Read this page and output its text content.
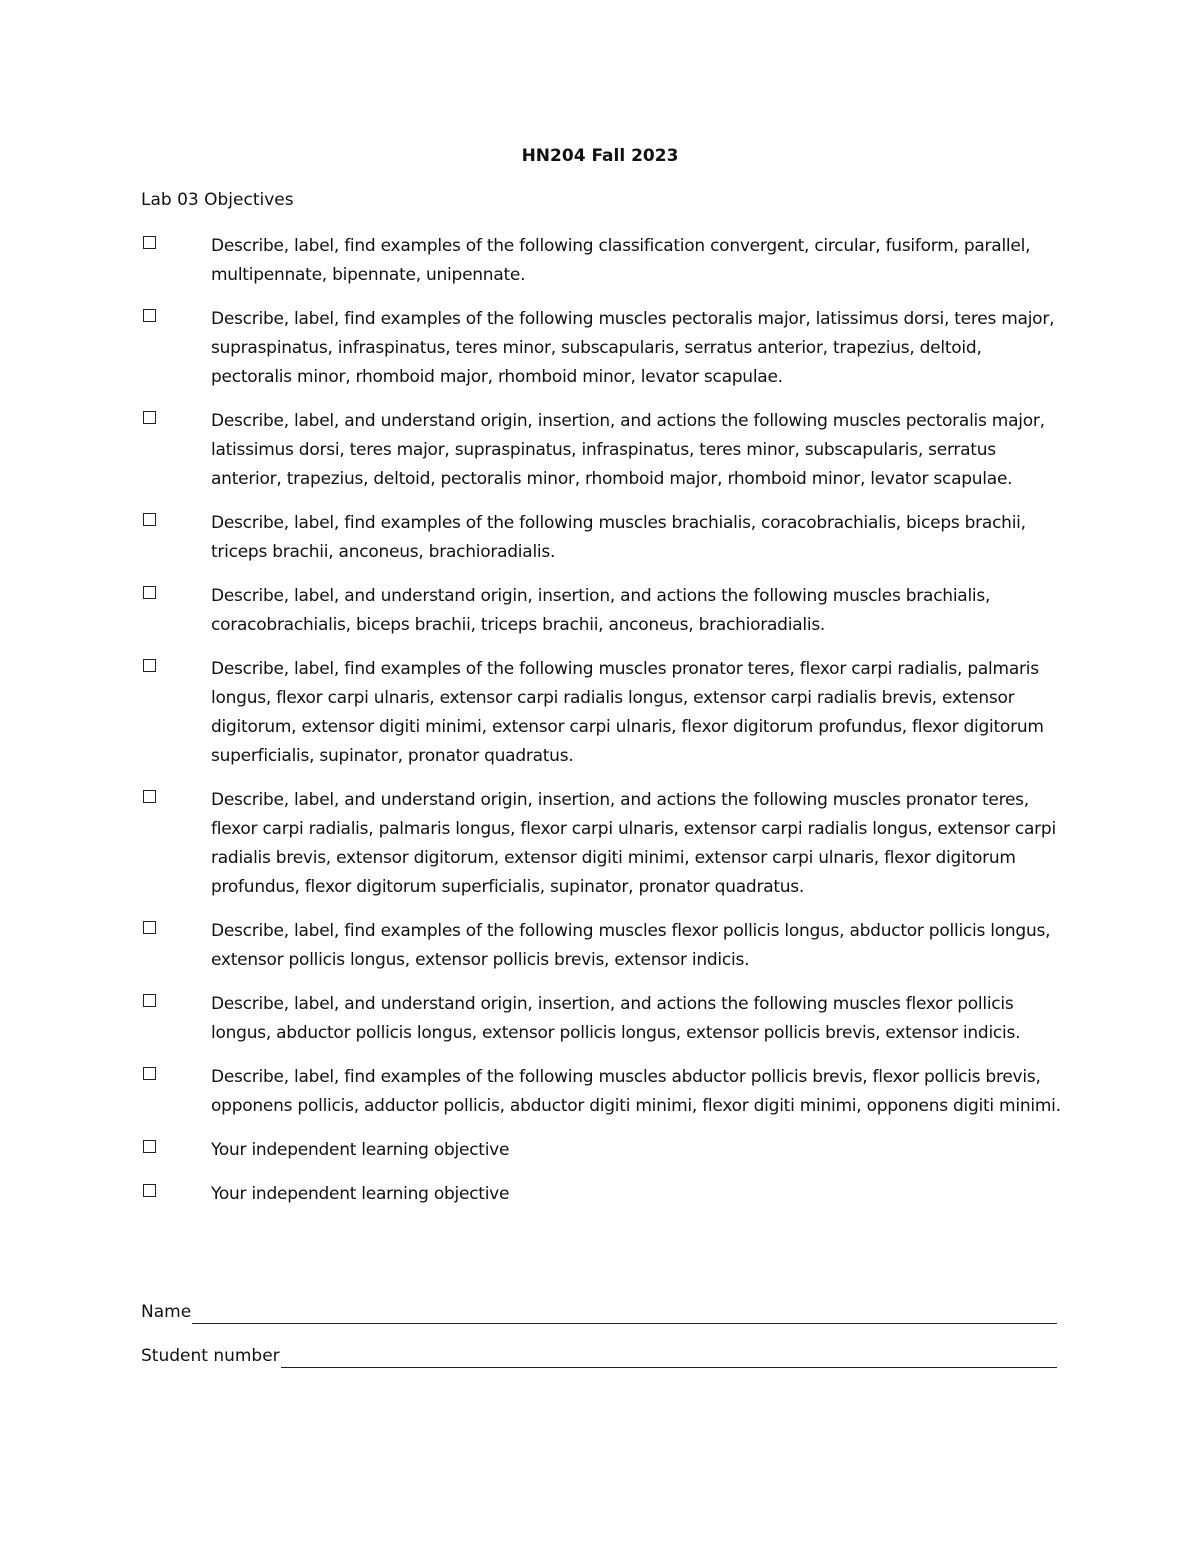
HN204 Fall 2023
Lab 03 Objectives
Describe, label, find examples of the following classification convergent, circular, fusiform, parallel, multipennate, bipennate, unipennate.
Describe, label, find examples of the following muscles pectoralis major, latissimus dorsi, teres major, supraspinatus, infraspinatus, teres minor, subscapularis, serratus anterior, trapezius, deltoid, pectoralis minor, rhomboid major, rhomboid minor, levator scapulae.
Describe, label, and understand origin, insertion, and actions the following muscles pectoralis major, latissimus dorsi, teres major, supraspinatus, infraspinatus, teres minor, subscapularis, serratus anterior, trapezius, deltoid, pectoralis minor, rhomboid major, rhomboid minor, levator scapulae.
Describe, label, find examples of the following muscles brachialis, coracobrachialis, biceps brachii, triceps brachii, anconeus, brachioradialis.
Describe, label, and understand origin, insertion, and actions the following muscles brachialis, coracobrachialis, biceps brachii, triceps brachii, anconeus, brachioradialis.
Describe, label, find examples of the following muscles pronator teres, flexor carpi radialis, palmaris longus, flexor carpi ulnaris, extensor carpi radialis longus, extensor carpi radialis brevis, extensor digitorum, extensor digiti minimi, extensor carpi ulnaris, flexor digitorum profundus, flexor digitorum superficialis, supinator, pronator quadratus.
Describe, label, and understand origin, insertion, and actions the following muscles pronator teres, flexor carpi radialis, palmaris longus, flexor carpi ulnaris, extensor carpi radialis longus, extensor carpi radialis brevis, extensor digitorum, extensor digiti minimi, extensor carpi ulnaris, flexor digitorum profundus, flexor digitorum superficialis, supinator, pronator quadratus.
Describe, label, find examples of the following muscles flexor pollicis longus, abductor pollicis longus, extensor pollicis longus, extensor pollicis brevis, extensor indicis.
Describe, label, and understand origin, insertion, and actions the following muscles flexor pollicis longus, abductor pollicis longus, extensor pollicis longus, extensor pollicis brevis, extensor indicis.
Describe, label, find examples of the following muscles abductor pollicis brevis, flexor pollicis brevis, opponens pollicis, adductor pollicis, abductor digiti minimi, flexor digiti minimi, opponens digiti minimi.
Your independent learning objective
Your independent learning objective
Name
Student number
